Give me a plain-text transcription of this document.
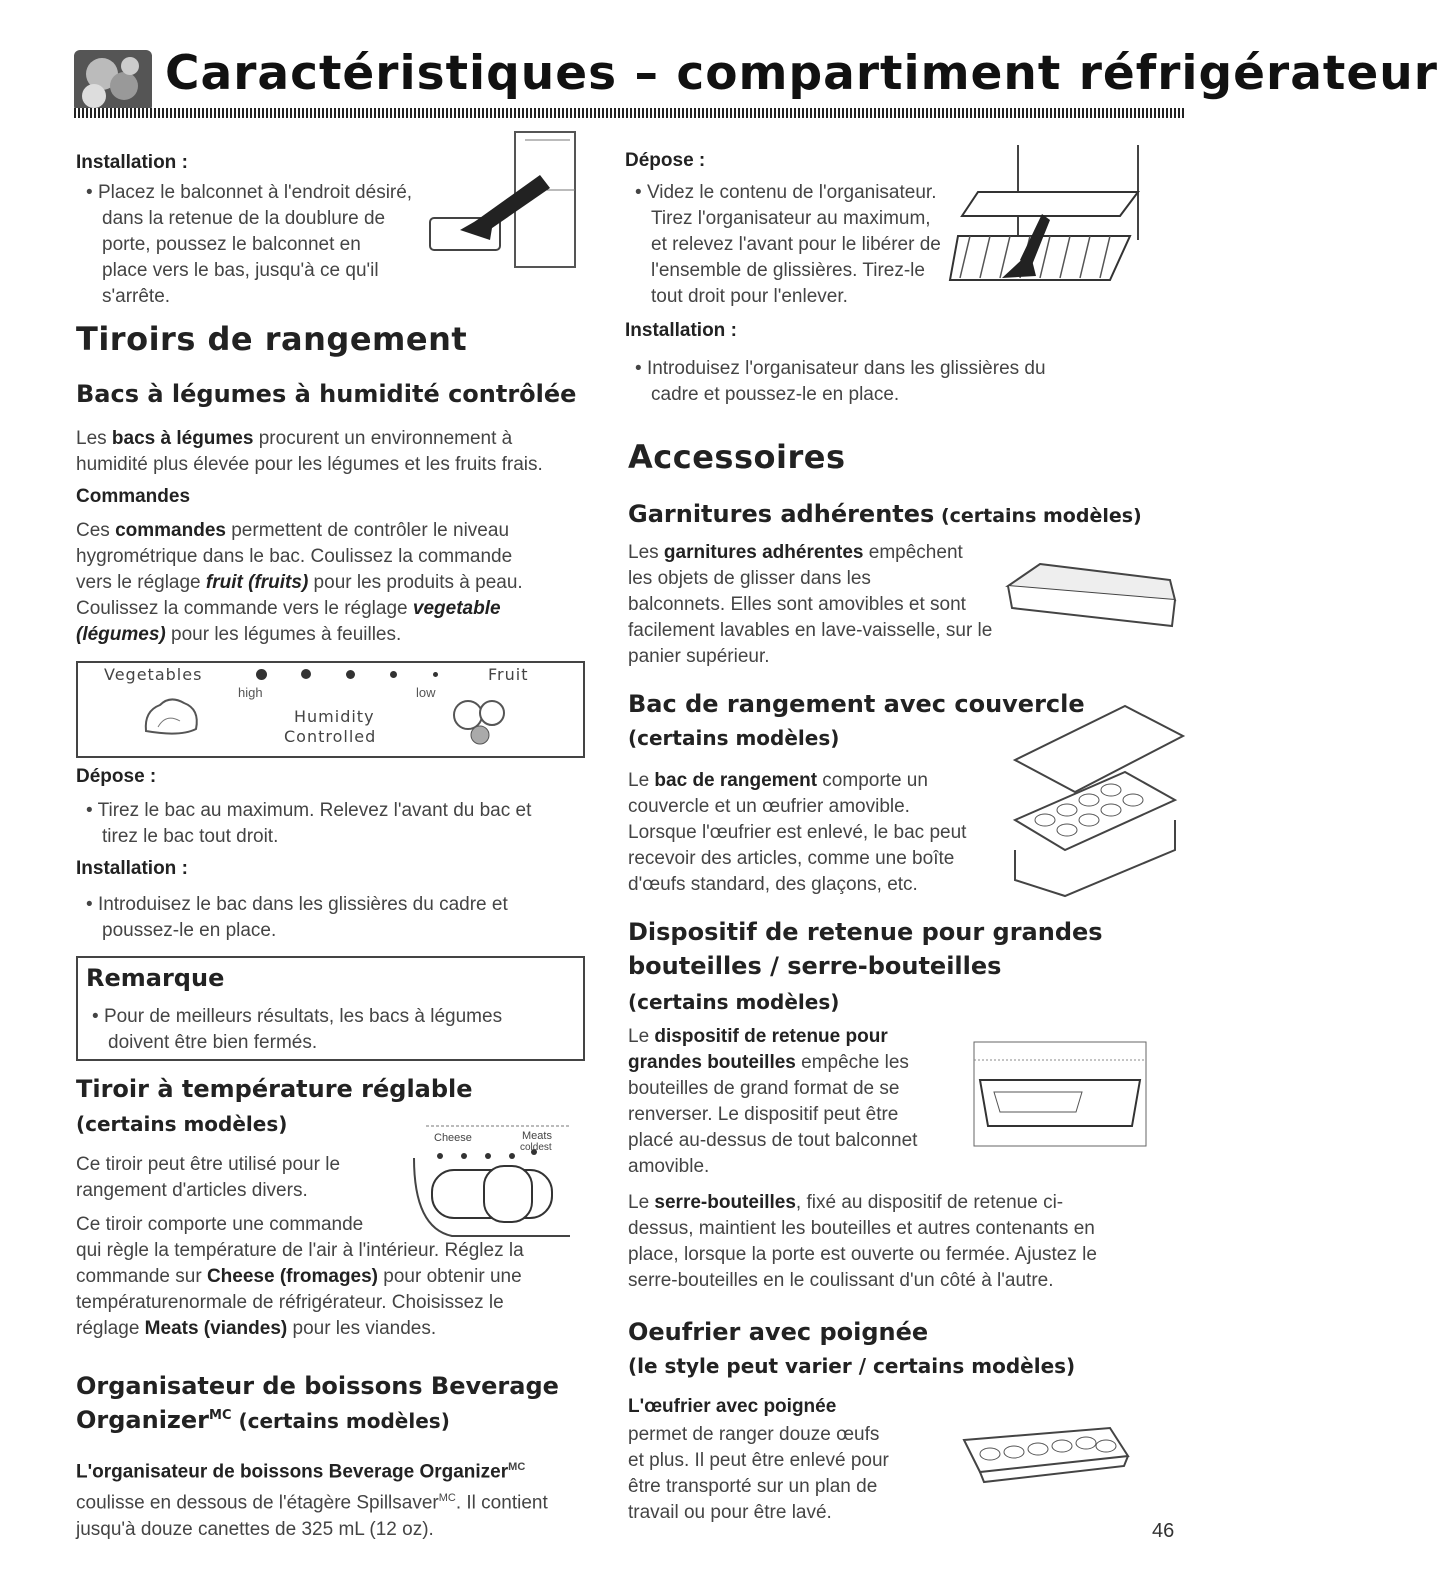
Caractéristiques – compartiment réfrigérateur
Installation :
• Placez le balconnet à l'endroit désiré,
dans la retenue de la doublure de
porte, poussez le balconnet en
place vers le bas, jusqu'à ce qu'il
s'arrête.
Tiroirs de rangement
Bacs à légumes à humidité contrôlée
Les bacs à légumes procurent un environnement à
humidité plus élevée pour les légumes et les fruits frais.
Commandes
Ces commandes permettent de contrôler le niveau
hygrométrique dans le bac. Coulissez la commande
vers le réglage fruit (fruits) pour les produits à peau.
Coulissez la commande vers le réglage vegetable
(légumes) pour les légumes à feuilles.
Vegetables	Fruit
high	low
Humidity
Controlled
Dépose :
• Tirez le bac au maximum. Relevez l'avant du bac et
tirez le bac tout droit.
Installation :
• Introduisez le bac dans les glissières du cadre et
poussez-le en place.
Remarque
• Pour de meilleurs résultats, les bacs à légumes
doivent être bien fermés.
Tiroir à température réglable
(certains modèles)
Ce tiroir peut être utilisé pour le
rangement d'articles divers.
Ce tiroir comporte une commande
qui règle la température de l'air à l'intérieur. Réglez la
commande sur Cheese (fromages) pour obtenir une
températurenormale de réfrigérateur. Choisissez le
réglage Meats (viandes) pour les viandes.
Cheese	Meats
coldest
Organisateur de boissons Beverage
Organizer$^{MC}$ (certains modèles)
L'organisateur de boissons Beverage Organizer$^{MC}$
coulisse en dessous de l'étagère Spillsaver$^{MC}$. Il contient
jusqu'à douze canettes de 325 mL (12 oz).
Dépose :
• Videz le contenu de l'organisateur.
Tirez l'organisateur au maximum,
et relevez l'avant pour le libérer de
l'ensemble de glissières. Tirez-le
tout droit pour l'enlever.
Installation :
• Introduisez l'organisateur dans les glissières du
cadre et poussez-le en place.
Accessoires
Garnitures adhérentes (certains modèles)
Les garnitures adhérentes empêchent
les objets de glisser dans les
balconnets. Elles sont amovibles et sont
facilement lavables en lave-vaisselle, sur le
panier supérieur.
Bac de rangement avec couvercle
(certains modèles)
Le bac de rangement comporte un
couvercle et un œufrier amovible.
Lorsque l'œufrier est enlevé, le bac peut
recevoir des articles, comme une boîte
d'œufs standard, des glaçons, etc.
Dispositif de retenue pour grandes
bouteilles / serre-bouteilles
(certains modèles)
Le dispositif de retenue pour
grandes bouteilles empêche les
bouteilles de grand format de se
renverser. Le dispositif peut être
placé au-dessus de tout balconnet
amovible.
Le serre-bouteilles, fixé au dispositif de retenue ci-
dessus, maintient les bouteilles et autres contenants en
place, lorsque la porte est ouverte ou fermée. Ajustez le
serre-bouteilles en le coulissant d'un côté à l'autre.
Oeufrier avec poignée
(le style peut varier / certains modèles)
L'œufrier avec poignée
permet de ranger douze œufs
et plus. Il peut être enlevé pour
être transporté sur un plan de
travail ou pour être lavé.
46
